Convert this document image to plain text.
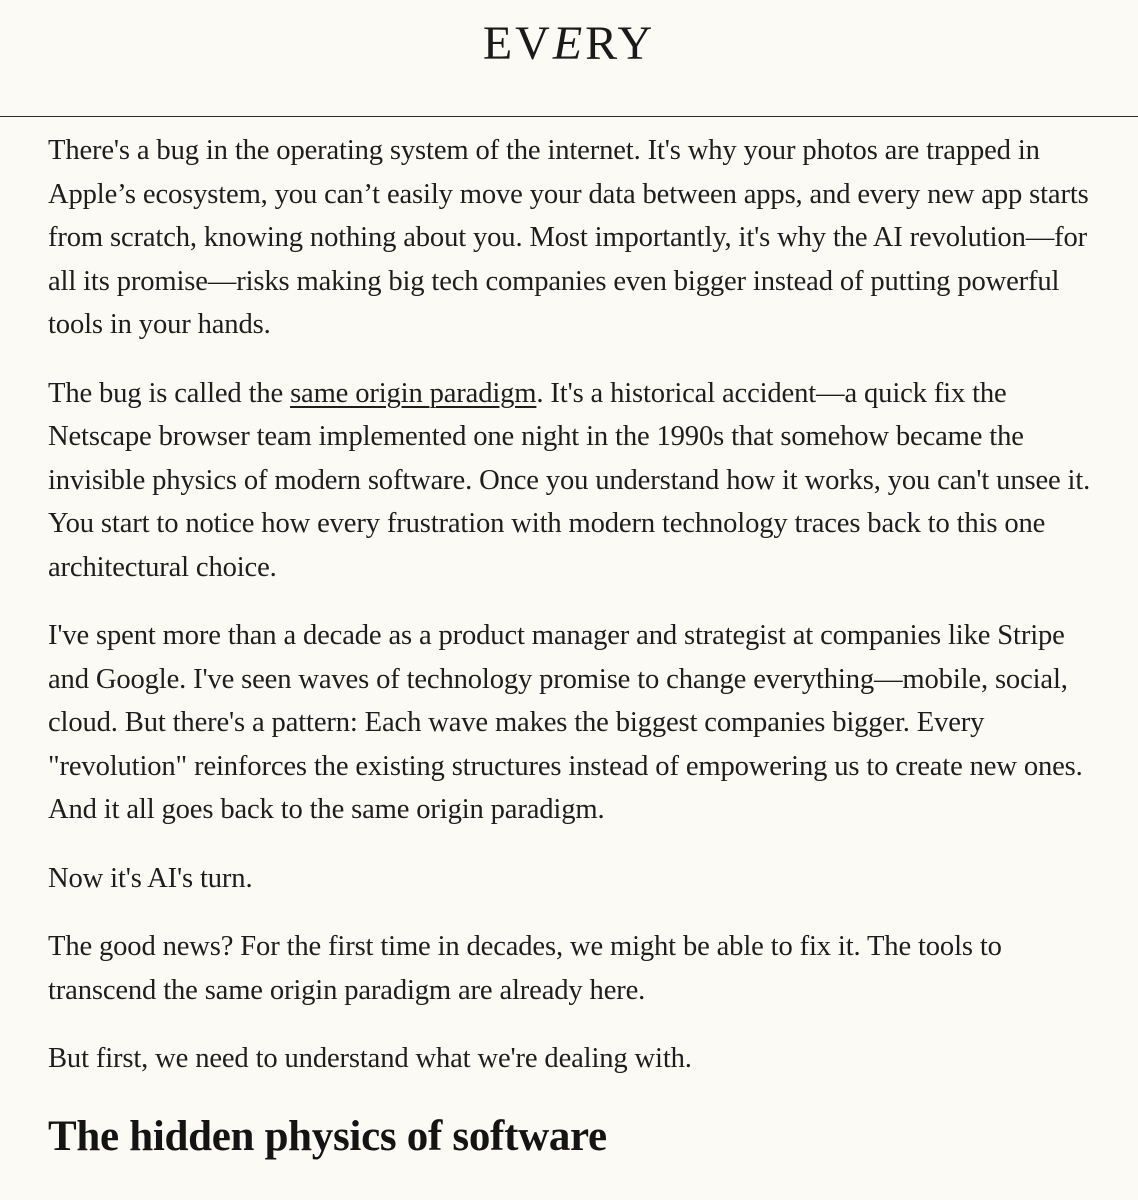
EVERY

There's a bug in the operating system of the internet. It's why your photos are trapped in Apple’s ecosystem, you can’t easily move your data between apps, and every new app starts from scratch, knowing nothing about you. Most importantly, it's why the AI revolution—for all its promise—risks making big tech companies even bigger instead of putting powerful tools in your hands.

The bug is called the same origin paradigm. It's a historical accident—a quick fix the Netscape browser team implemented one night in the 1990s that somehow became the invisible physics of modern software. Once you understand how it works, you can't unsee it. You start to notice how every frustration with modern technology traces back to this one architectural choice.

I've spent more than a decade as a product manager and strategist at companies like Stripe and Google. I've seen waves of technology promise to change everything—mobile, social, cloud. But there's a pattern: Each wave makes the biggest companies bigger. Every "revolution" reinforces the existing structures instead of empowering us to create new ones. And it all goes back to the same origin paradigm.

Now it's AI's turn.

The good news? For the first time in decades, we might be able to fix it. The tools to transcend the same origin paradigm are already here.

But first, we need to understand what we're dealing with.

The hidden physics of software
